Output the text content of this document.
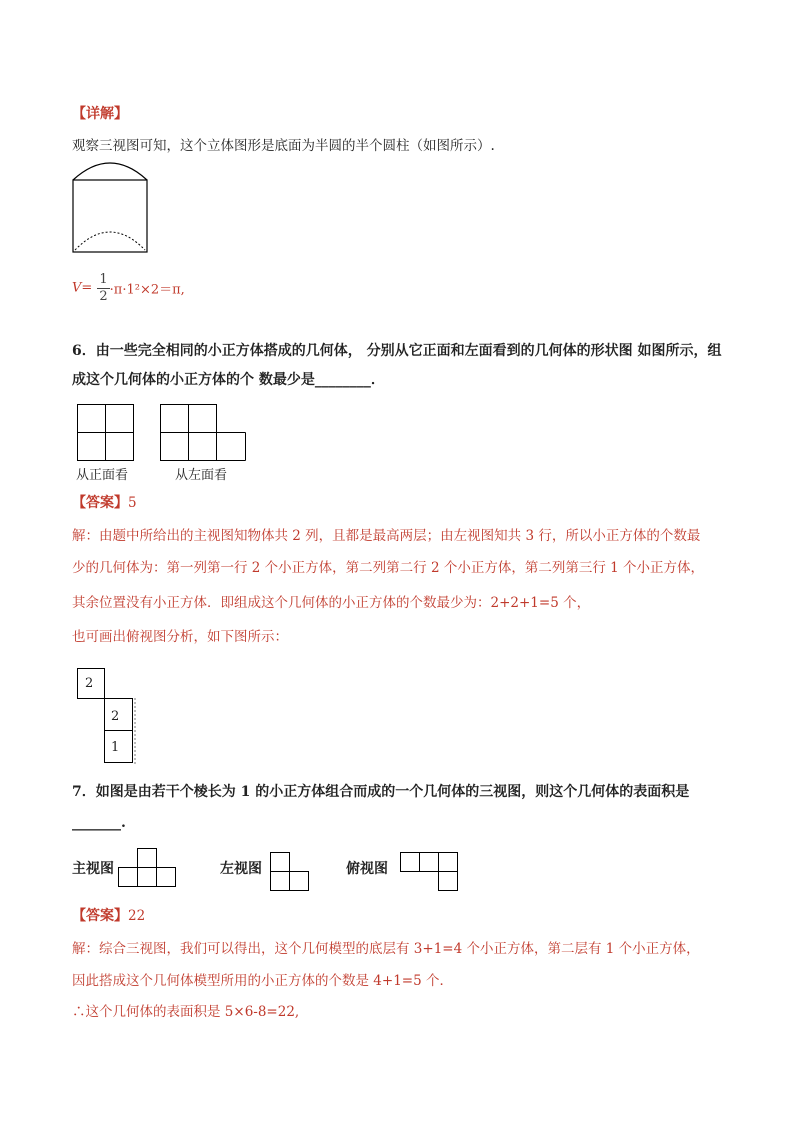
【详解】
观察三视图可知，这个立体图形是底面为半圆的半个圆柱（如图所示）.
$V= \frac{1}{2} \cdot\pi\cdot 1^2\times 2=\pi$,
6．由一些完全相同的小正方体搭成的几何体， 分别从它正面和左面看到的几何体的形状图 如图所示，组
成这个几何体的小正方体的个 数最少是________．
从正面看	从左面看
【答案】5
解：由题中所给出的主视图知物体共 2 列，且都是最高两层；由左视图知共 3 行，所以小正方体的个数最
少的几何体为：第一列第一行 2 个小正方体，第二列第二行 2 个小正方体，第二列第三行 1 个小正方体，
其余位置没有小正方体．即组成这个几何体的小正方体的个数最少为：2+2+1=5 个，
也可画出俯视图分析，如下图所示：
2
2
1
7．如图是由若干个棱长为 1 的小正方体组合而成的一个几何体的三视图，则这个几何体的表面积是
_______.
主视图	左视图	俯视图
【答案】22
解：综合三视图，我们可以得出，这个几何模型的底层有 3+1=4 个小正方体，第二层有 1 个小正方体，
因此搭成这个几何体模型所用的小正方体的个数是 4+1=5 个．
∴这个几何体的表面积是 5×6-8=22,
